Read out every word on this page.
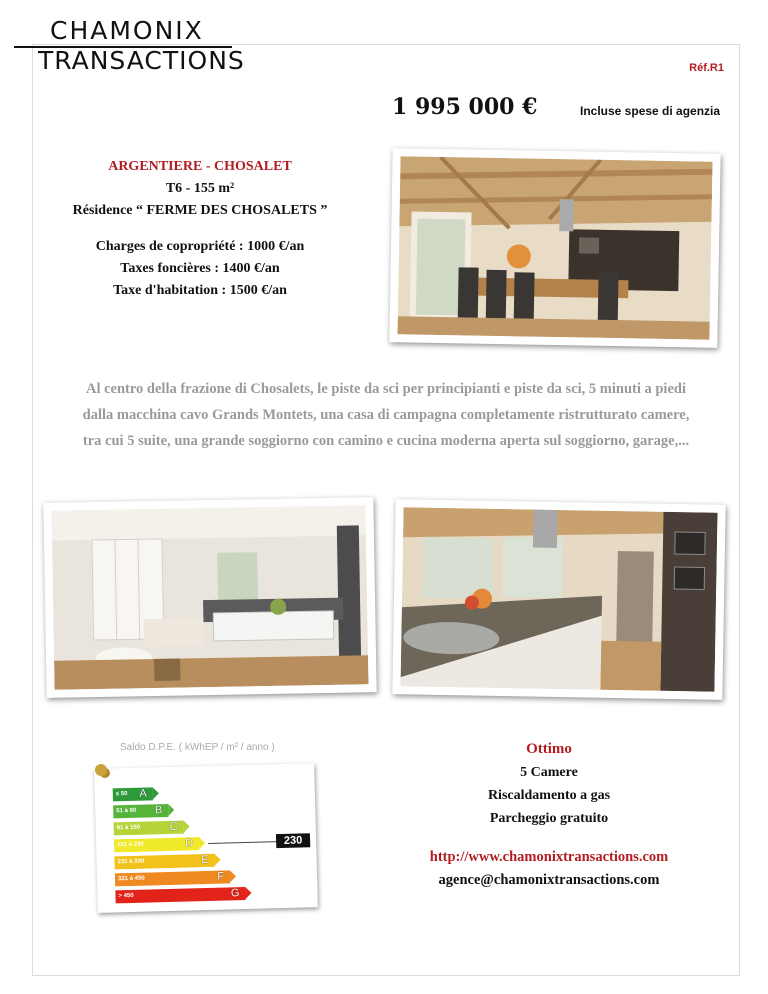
CHAMONIX
TRANSACTIONS	Réf.R1
1 995 000 €	Incluse spese di agenzia
ARGENTIERE - CHOSALET
T6 - 155 m²
Résidence “ FERME DES CHOSALETS ”
Charges de copropriété : 1000 €/an
Taxes foncières : 1400 €/an
Taxe d'habitation : 1500 €/an
Al centro della frazione di Chosalets, le piste da sci per principianti e piste da sci, 5 minuti a piedi dalla macchina cavo Grands Montets, una casa di campagna completamente ristrutturato camere, tra cui 5 suite, una grande soggiorno con camino e cucina moderna aperta sul soggiorno, garage,...
Saldo D.P.E. ( kWhEP / m² / anno )
≤ 50 A
51 à 90 B
91 à 150	C
151 à 230	D
231 à 330	E
331 à 450	F
> 450	G
230
Ottimo
5 Camere
Riscaldamento a gas
Parcheggio gratuito
http://www.chamonixtransactions.com
agence@chamonixtransactions.com
